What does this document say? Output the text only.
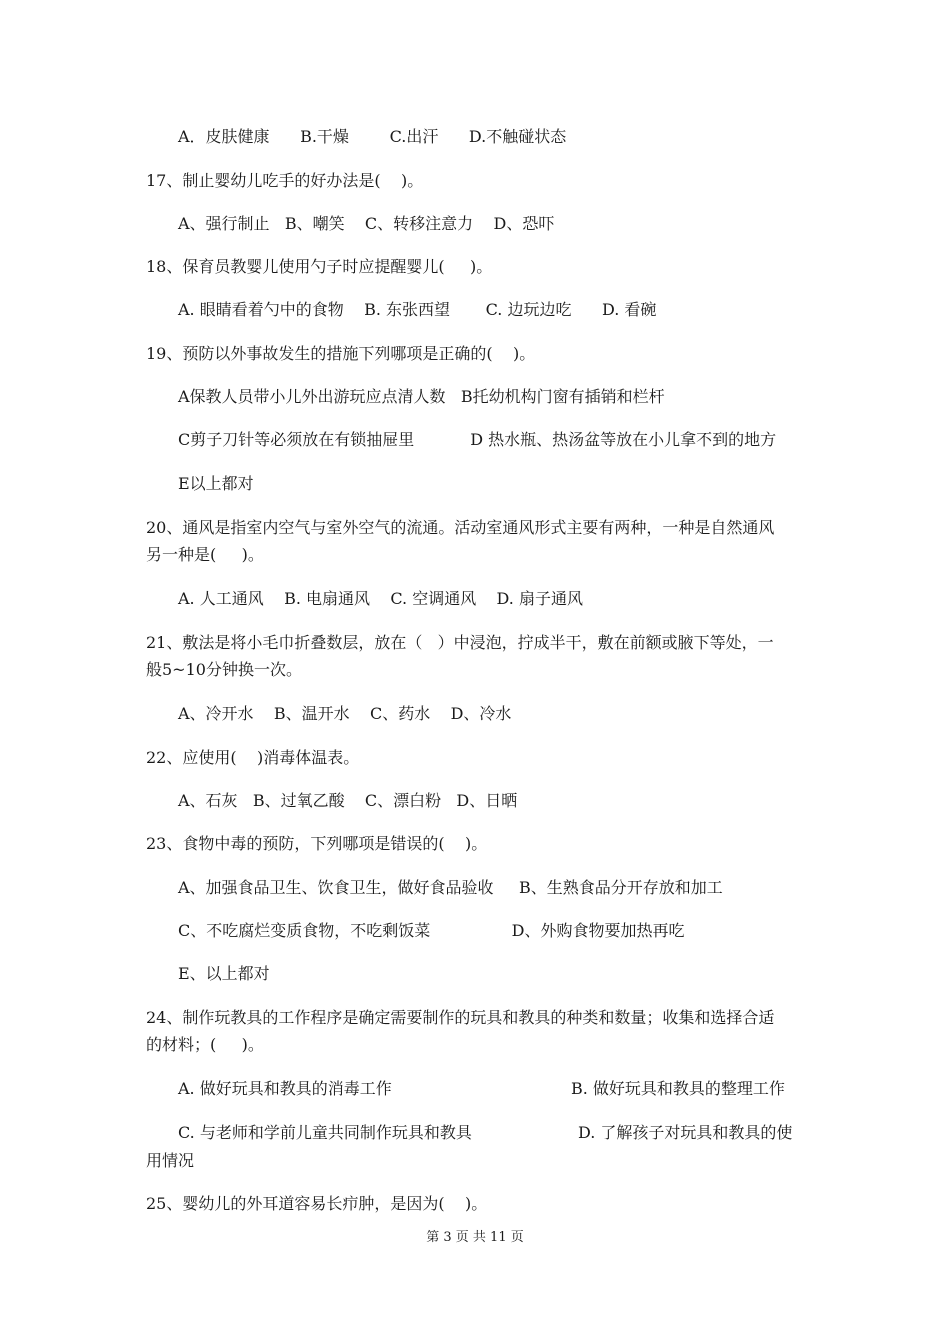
A．皮肤健康      B.干燥        C.出汗      D.不触碰状态
17、制止婴幼儿吃手的好办法是(    )。
A、强行制止   B、嘲笑    C、转移注意力    D、恐吓
18、保育员教婴儿使用勺子时应提醒婴儿(     )。
A. 眼睛看着勺中的食物    B. 东张西望       C. 边玩边吃      D. 看碗
19、预防以外事故发生的措施下列哪项是正确的(    )。
A保教人员带小儿外出游玩应点清人数   B托幼机构门窗有插销和栏杆
C剪子刀针等必须放在有锁抽屉里           D 热水瓶、热汤盆等放在小儿拿不到的地方
E以上都对
20、通风是指室内空气与室外空气的流通。活动室通风形式主要有两种，一种是自然通风
另一种是(     )。
A. 人工通风    B. 电扇通风    C. 空调通风    D. 扇子通风
21、敷法是将小毛巾折叠数层，放在（   ）中浸泡，拧成半干，敷在前额或腋下等处，一
般5~10分钟换一次。
A、冷开水    B、温开水    C、药水    D、冷水
22、应使用(    )消毒体温表。
A、石灰   B、过氧乙酸    C、漂白粉   D、日晒
23、食物中毒的预防，下列哪项是错误的(    )。
A、加强食品卫生、饮食卫生，做好食品验收     B、生熟食品分开存放和加工
C、不吃腐烂变质食物，不吃剩饭菜                D、外购食物要加热再吃
E、以上都对
24、制作玩教具的工作程序是确定需要制作的玩具和教具的种类和数量；收集和选择合适
的材料；(     )。
A. 做好玩具和教具的消毒工作	B. 做好玩具和教具的整理工作
C. 与老师和学前儿童共同制作玩具和教具	D. 了解孩子对玩具和教具的使
用情况
25、婴幼儿的外耳道容易长疖肿，是因为(    )。
第 3 页 共 11 页
